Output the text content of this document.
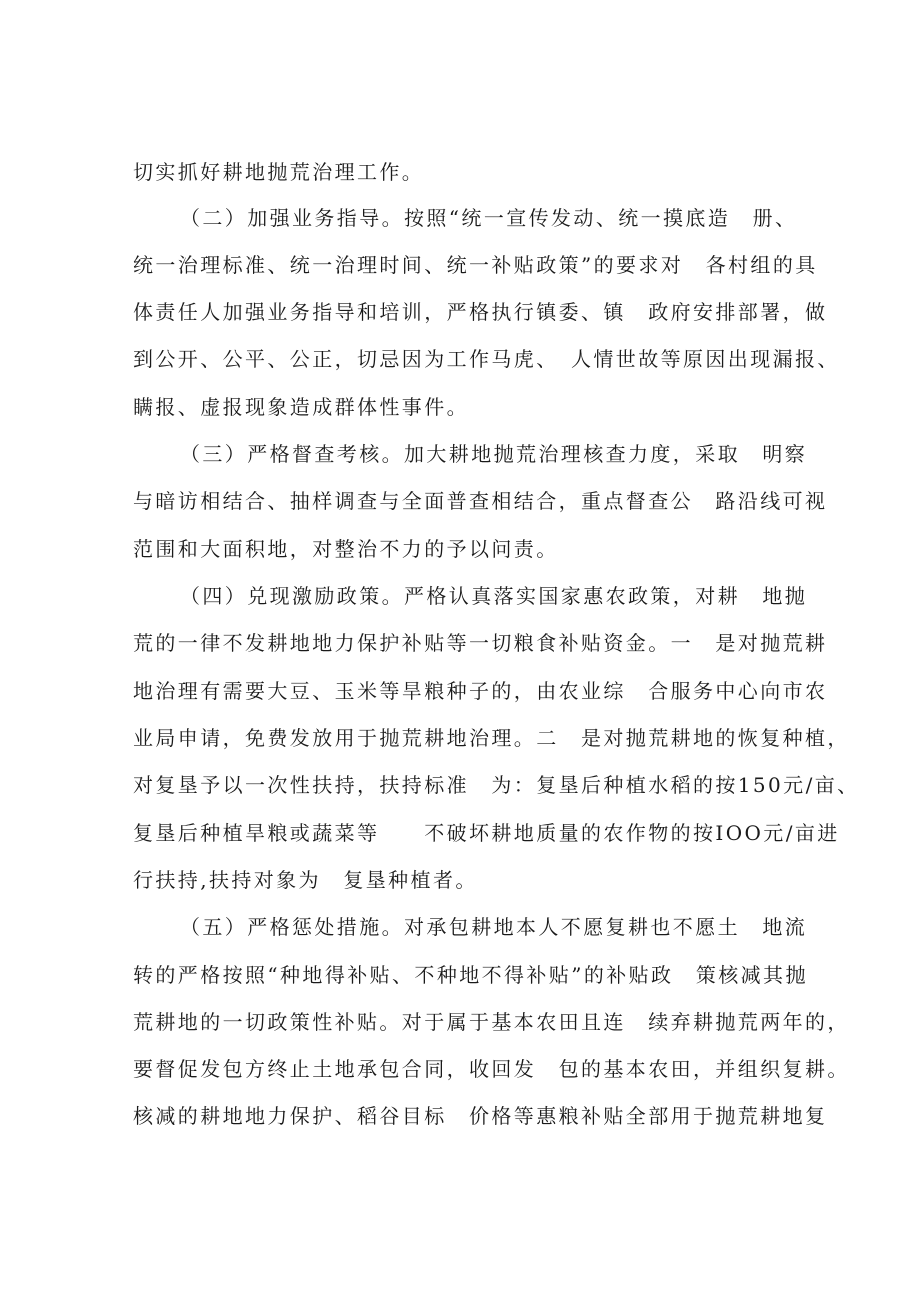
切实抓好耕地抛荒治理工作。
（二）加强业务指导。按照“统一宣传发动、统一摸底造　册、
统一治理标准、统一治理时间、统一补贴政策”的要求对　各村组的具
体责任人加强业务指导和培训，严格执行镇委、镇　政府安排部署，做
到公开、公平、公正，切忌因为工作马虎、　人情世故等原因出现漏报、
瞒报、虚报现象造成群体性事件。
（三）严格督查考核。加大耕地抛荒治理核查力度，采取　明察
与暗访相结合、抽样调查与全面普查相结合，重点督查公　路沿线可视
范围和大面积地，对整治不力的予以问责。
（四）兑现激励政策。严格认真落实国家惠农政策，对耕　地抛
荒的一律不发耕地地力保护补贴等一切粮食补贴资金。一　是对抛荒耕
地治理有需要大豆、玉米等旱粮种子的，由农业综　合服务中心向市农
业局申请，免费发放用于抛荒耕地治理。二　是对抛荒耕地的恢复种植，
对复垦予以一次性扶持，扶持标准　为：复垦后种植水稻的按150元/亩、
复垦后种植旱粮或蔬菜等　　不破坏耕地质量的农作物的按IOO元/亩进
行扶持,扶持对象为　复垦种植者。
（五）严格惩处措施。对承包耕地本人不愿复耕也不愿土　地流
转的严格按照“种地得补贴、不种地不得补贴”的补贴政　策核减其抛
荒耕地的一切政策性补贴。对于属于基本农田且连　续弃耕抛荒两年的，
要督促发包方终止土地承包合同，收回发　包的基本农田，并组织复耕。
核减的耕地地力保护、稻谷目标　价格等惠粮补贴全部用于抛荒耕地复
